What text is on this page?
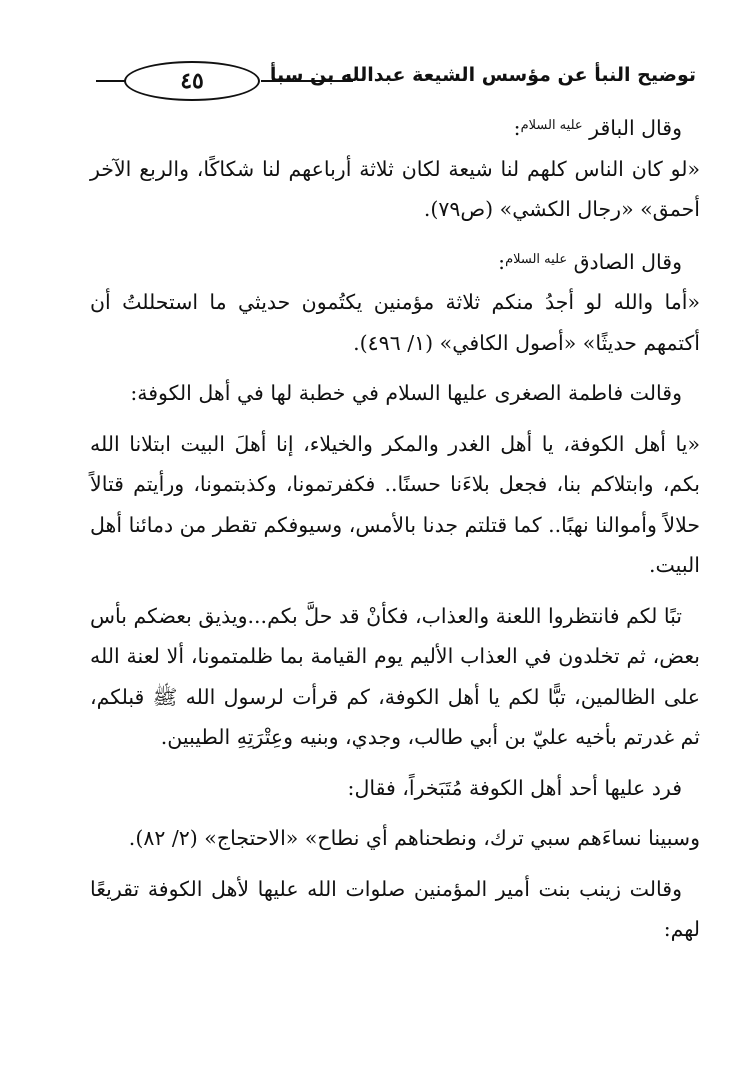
٤٥	توضيح النبأ عن مؤسس الشيعة عبدالله بن سبأ

وقال الباقر $^{عليه السلام}$:

«لو كان الناس كلهم لنا شيعة لكان ثلاثة أرباعهم لنا شكاكًا، والربع الآخر أحمق» «رجال الكشي» (ص٧٩).

وقال الصادق $^{عليه السلام}$:

«أما والله لو أجدُ منكم ثلاثة مؤمنين يكتُمون حديثي ما استحللتُ أن أكتمهم حديثًا» «أصول الكافي» (١/ ٤٩٦).

وقالت فاطمة الصغرى عليها السلام في خطبة لها في أهل الكوفة:

«يا أهل الكوفة، يا أهل الغدر والمكر والخيلاء، إنا أهلَ البيت ابتلانا الله بكم، وابتلاكم بنا، فجعل بلاءَنا حسنًا.. فكفرتمونا، وكذبتمونا، ورأيتم قتالاً حلالاً وأموالنا نهبًا.. كما قتلتم جدنا بالأمس، وسيوفكم تقطر من دمائنا أهل البيت.

تبًا لكم فانتظروا اللعنة والعذاب، فكأنْ قد حلَّ بكم...ويذيق بعضكم بأس بعض، ثم تخلدون في العذاب الأليم يوم القيامة بما ظلمتمونا، ألا لعنة الله على الظالمين، تبًّا لكم يا أهل الكوفة، كم قرأت لرسول الله ﷺ قبلكم، ثم غدرتم بأخيه عليّ بن أبي طالب، وجدي، وبنيه وعِتْرَتِهِ الطيبين.

فرد عليها أحد أهل الكوفة مُتَبَخراً، فقال:

وسبينا نساءَهم سبي ترك، ونطحناهم أي نطاح» «الاحتجاج» (٢/ ٨٢).

وقالت زينب بنت أمير المؤمنين صلوات الله عليها لأهل الكوفة تقريعًا لهم:
